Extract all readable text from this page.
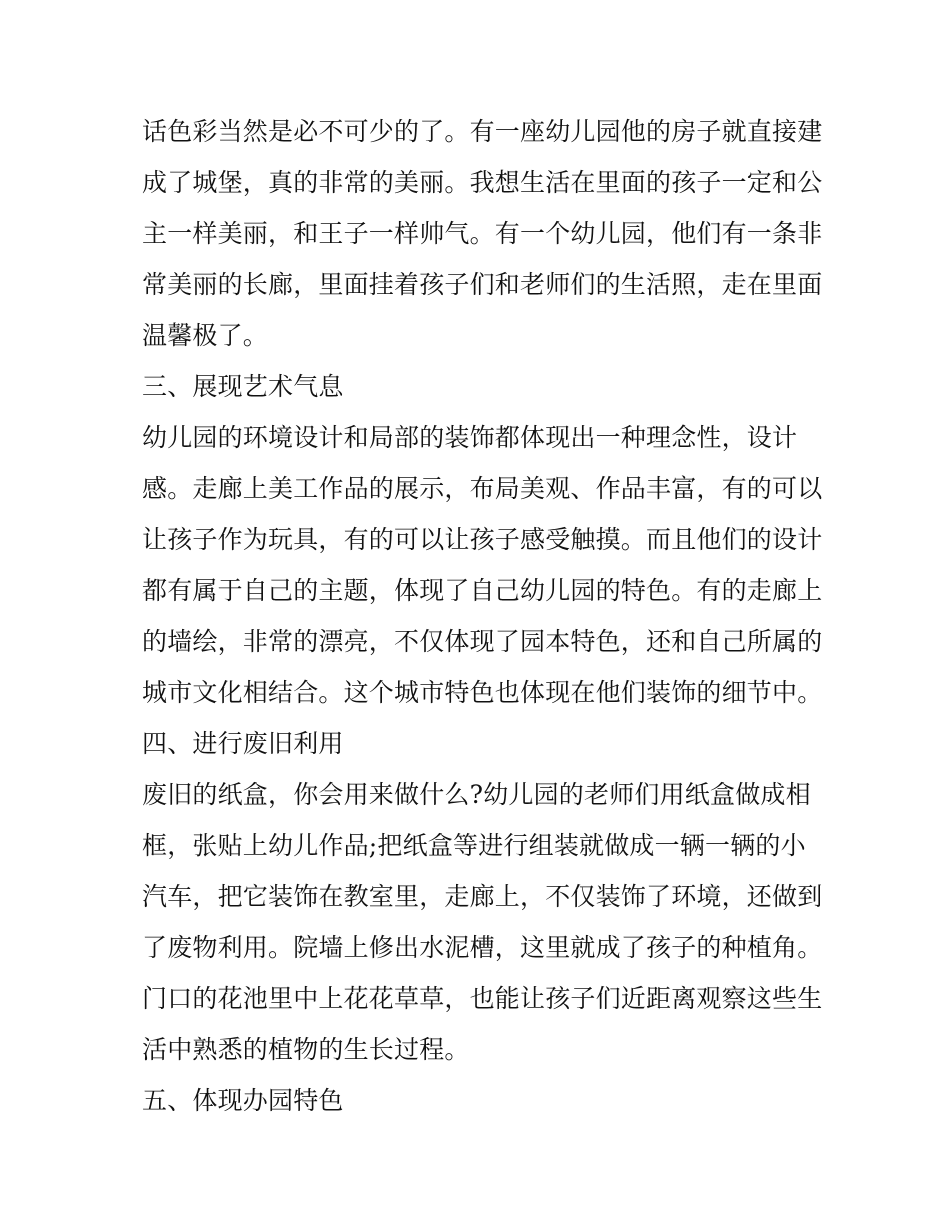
话色彩当然是必不可少的了。有一座幼儿园他的房子就直接建
成了城堡，真的非常的美丽。我想生活在里面的孩子一定和公
主一样美丽，和王子一样帅气。有一个幼儿园，他们有一条非
常美丽的长廊，里面挂着孩子们和老师们的生活照，走在里面
温馨极了。
三、展现艺术气息
幼儿园的环境设计和局部的装饰都体现出一种理念性，设计
感。走廊上美工作品的展示，布局美观、作品丰富，有的可以
让孩子作为玩具，有的可以让孩子感受触摸。而且他们的设计
都有属于自己的主题，体现了自己幼儿园的特色。有的走廊上
的墙绘，非常的漂亮，不仅体现了园本特色，还和自己所属的
城市文化相结合。这个城市特色也体现在他们装饰的细节中。
四、进行废旧利用
废旧的纸盒，你会用来做什么?幼儿园的老师们用纸盒做成相
框，张贴上幼儿作品;把纸盒等进行组装就做成一辆一辆的小
汽车，把它装饰在教室里，走廊上，不仅装饰了环境，还做到
了废物利用。院墙上修出水泥槽，这里就成了孩子的种植角。
门口的花池里中上花花草草，也能让孩子们近距离观察这些生
活中熟悉的植物的生长过程。
五、体现办园特色
